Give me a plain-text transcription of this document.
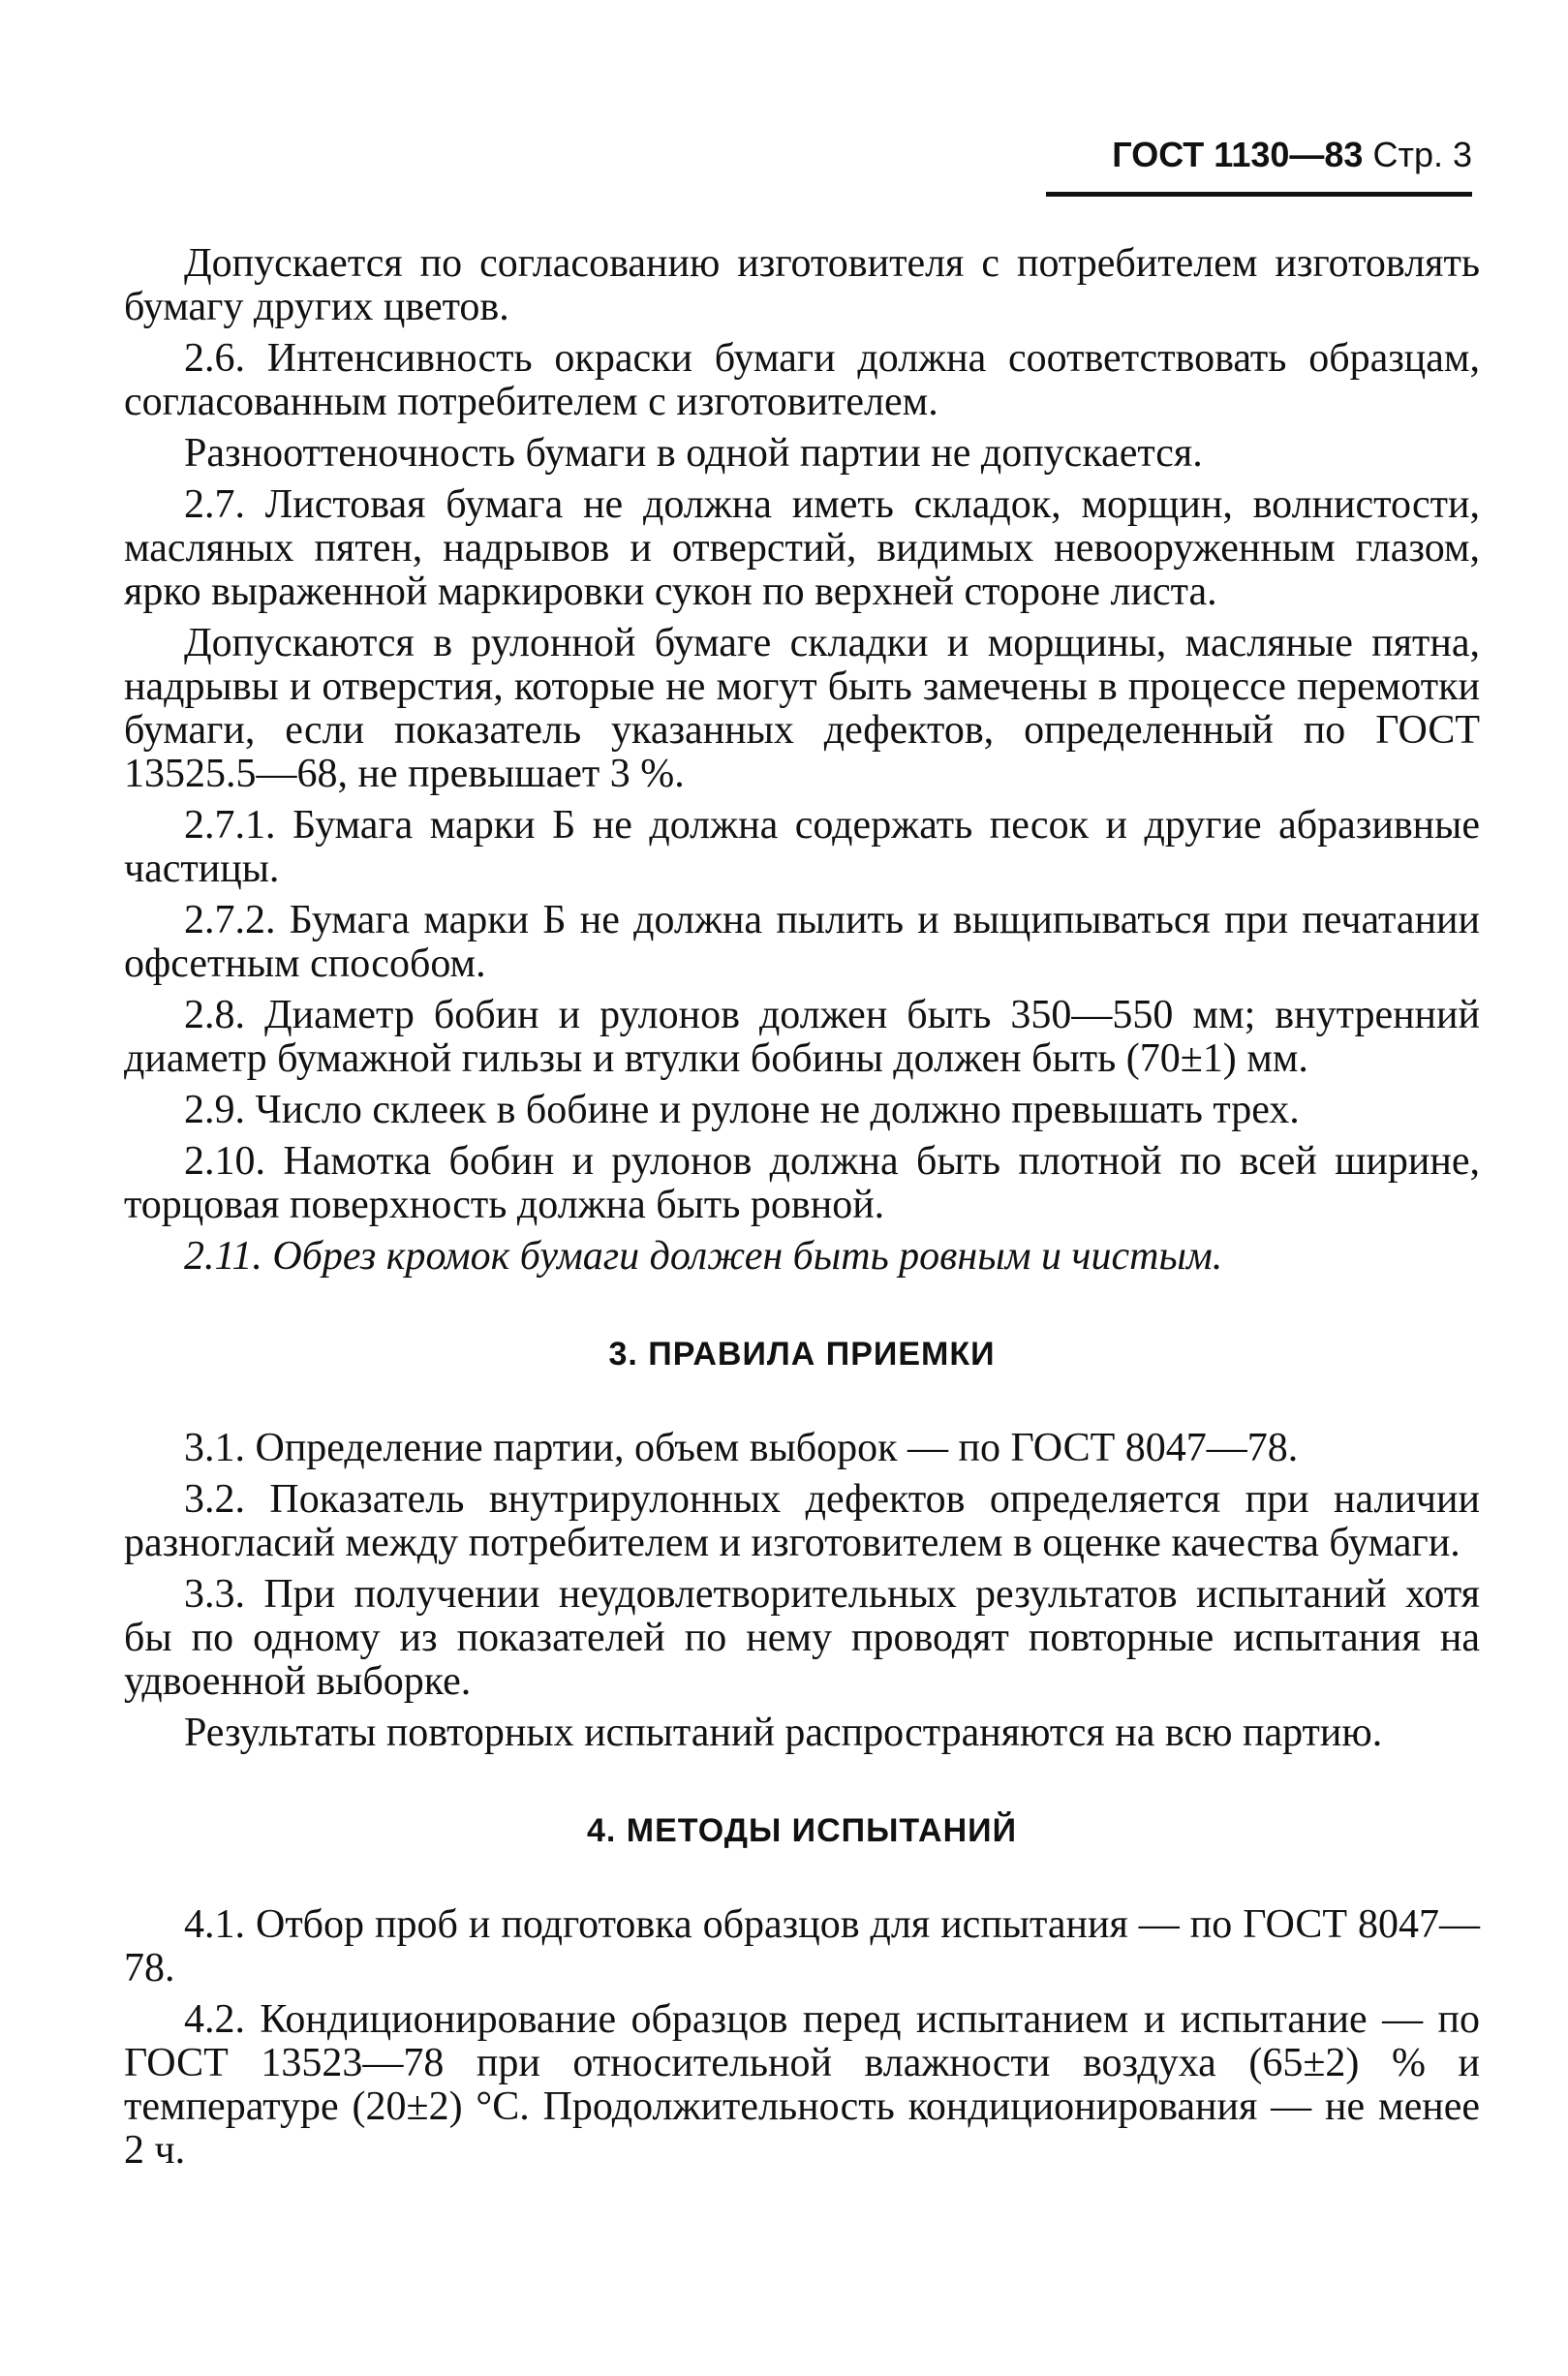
ГОСТ 1130—83 Стр. 3

Допускается по согласованию изготовителя с потребителем изготовлять бумагу других цветов.

2.6. Интенсивность окраски бумаги должна соответствовать образцам, согласованным потребителем с изготовителем.

Разнооттеночность бумаги в одной партии не допускается.

2.7. Листовая бумага не должна иметь складок, морщин, волнистости, масляных пятен, надрывов и отверстий, видимых невооруженным глазом, ярко выраженной маркировки сукон по верхней стороне листа.

Допускаются в рулонной бумаге складки и морщины, масляные пятна, надрывы и отверстия, которые не могут быть замечены в процессе перемотки бумаги, если показатель указанных дефектов, определенный по ГОСТ 13525.5—68, не превышает 3 %.

2.7.1. Бумага марки Б не должна содержать песок и другие абразивные частицы.

2.7.2. Бумага марки Б не должна пылить и выщипываться при печатании офсетным способом.

2.8. Диаметр бобин и рулонов должен быть 350—550 мм; внутренний диаметр бумажной гильзы и втулки бобины должен быть (70±1) мм.

2.9. Число склеек в бобине и рулоне не должно превышать трех.

2.10. Намотка бобин и рулонов должна быть плотной по всей ширине, торцовая поверхность должна быть ровной.

2.11. Обрез кромок бумаги должен быть ровным и чистым.

3. ПРАВИЛА ПРИЕМКИ

3.1. Определение партии, объем выборок — по ГОСТ 8047—78.

3.2. Показатель внутрирулонных дефектов определяется при наличии разногласий между потребителем и изготовителем в оценке качества бумаги.

3.3. При получении неудовлетворительных результатов испытаний хотя бы по одному из показателей по нему проводят повторные испытания на удвоенной выборке.

Результаты повторных испытаний распространяются на всю партию.

4. МЕТОДЫ ИСПЫТАНИЙ

4.1. Отбор проб и подготовка образцов для испытания — по ГОСТ 8047—78.

4.2. Кондиционирование образцов перед испытанием и испытание — по ГОСТ 13523—78 при относительной влажности воздуха (65±2) % и температуре (20±2) °С. Продолжительность кондиционирования — не менее 2 ч.
